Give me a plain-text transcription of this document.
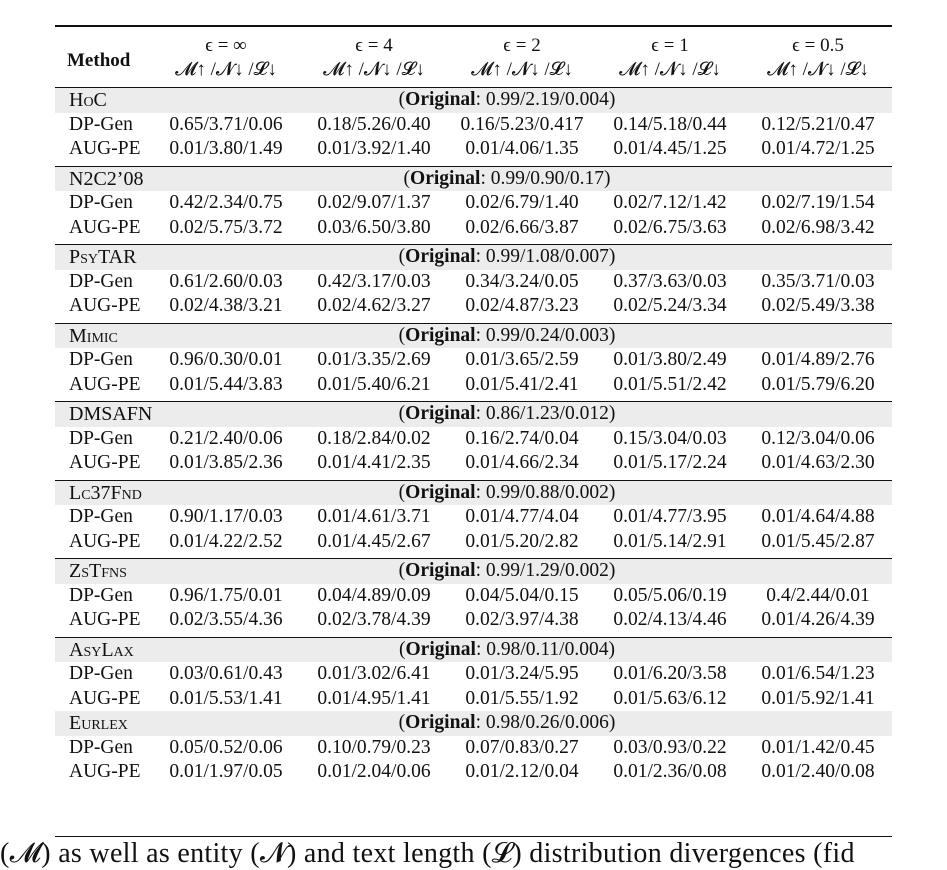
Method	ϵ = ∞	ϵ = 4	ϵ = 2	ϵ = 1	ϵ = 0.5
	𝓜↑ /𝓝↓ /𝓛↓	𝓜↑ /𝓝↓ /𝓛↓	𝓜↑ /𝓝↓ /𝓛↓	𝓜↑ /𝓝↓ /𝓛↓	𝓜↑ /𝓝↓ /𝓛↓
HoC	(Original: 0.99/2.19/0.004)				
DP-Gen	0.65/3.71/0.06	0.18/5.26/0.40	0.16/5.23/0.417	0.14/5.18/0.44	0.12/5.21/0.47
AUG-PE	0.01/3.80/1.49	0.01/3.92/1.40	0.01/4.06/1.35	0.01/4.45/1.25	0.01/4.72/1.25

N2C2’08	(Original: 0.99/0.90/0.17)				
DP-Gen	0.42/2.34/0.75	0.02/9.07/1.37	0.02/6.79/1.40	0.02/7.12/1.42	0.02/7.19/1.54
AUG-PE	0.02/5.75/3.72	0.03/6.50/3.80	0.02/6.66/3.87	0.02/6.75/3.63	0.02/6.98/3.42

PsyTAR	(Original: 0.99/1.08/0.007)				
DP-Gen	0.61/2.60/0.03	0.42/3.17/0.03	0.34/3.24/0.05	0.37/3.63/0.03	0.35/3.71/0.03
AUG-PE	0.02/4.38/3.21	0.02/4.62/3.27	0.02/4.87/3.23	0.02/5.24/3.34	0.02/5.49/3.38

Mimic	(Original: 0.99/0.24/0.003)				
DP-Gen	0.96/0.30/0.01	0.01/3.35/2.69	0.01/3.65/2.59	0.01/3.80/2.49	0.01/4.89/2.76
AUG-PE	0.01/5.44/3.83	0.01/5.40/6.21	0.01/5.41/2.41	0.01/5.51/2.42	0.01/5.79/6.20

DMSAFN	(Original: 0.86/1.23/0.012)				
DP-Gen	0.21/2.40/0.06	0.18/2.84/0.02	0.16/2.74/0.04	0.15/3.04/0.03	0.12/3.04/0.06
AUG-PE	0.01/3.85/2.36	0.01/4.41/2.35	0.01/4.66/2.34	0.01/5.17/2.24	0.01/4.63/2.30

Lc37Fnd	(Original: 0.99/0.88/0.002)				
DP-Gen	0.90/1.17/0.03	0.01/4.61/3.71	0.01/4.77/4.04	0.01/4.77/3.95	0.01/4.64/4.88
AUG-PE	0.01/4.22/2.52	0.01/4.45/2.67	0.01/5.20/2.82	0.01/5.14/2.91	0.01/5.45/2.87

ZsTfns	(Original: 0.99/1.29/0.002)				
DP-Gen	0.96/1.75/0.01	0.04/4.89/0.09	0.04/5.04/0.15	0.05/5.06/0.19	0.4/2.44/0.01
AUG-PE	0.02/3.55/4.36	0.02/3.78/4.39	0.02/3.97/4.38	0.02/4.13/4.46	0.01/4.26/4.39

AsyLax	(Original: 0.98/0.11/0.004)				
DP-Gen	0.03/0.61/0.43	0.01/3.02/6.41	0.01/3.24/5.95	0.01/6.20/3.58	0.01/6.54/1.23
AUG-PE	0.01/5.53/1.41	0.01/4.95/1.41	0.01/5.55/1.92	0.01/5.63/6.12	0.01/5.92/1.41
Eurlex	(Original: 0.98/0.26/0.006)				
DP-Gen	0.05/0.52/0.06	0.10/0.79/0.23	0.07/0.83/0.27	0.03/0.93/0.22	0.01/1.42/0.45
AUG-PE	0.01/1.97/0.05	0.01/2.04/0.06	0.01/2.12/0.04	0.01/2.36/0.08	0.01/2.40/0.08
(𝓜) as well as entity (𝓝) and text length (𝓛) distribution divergences (fid
